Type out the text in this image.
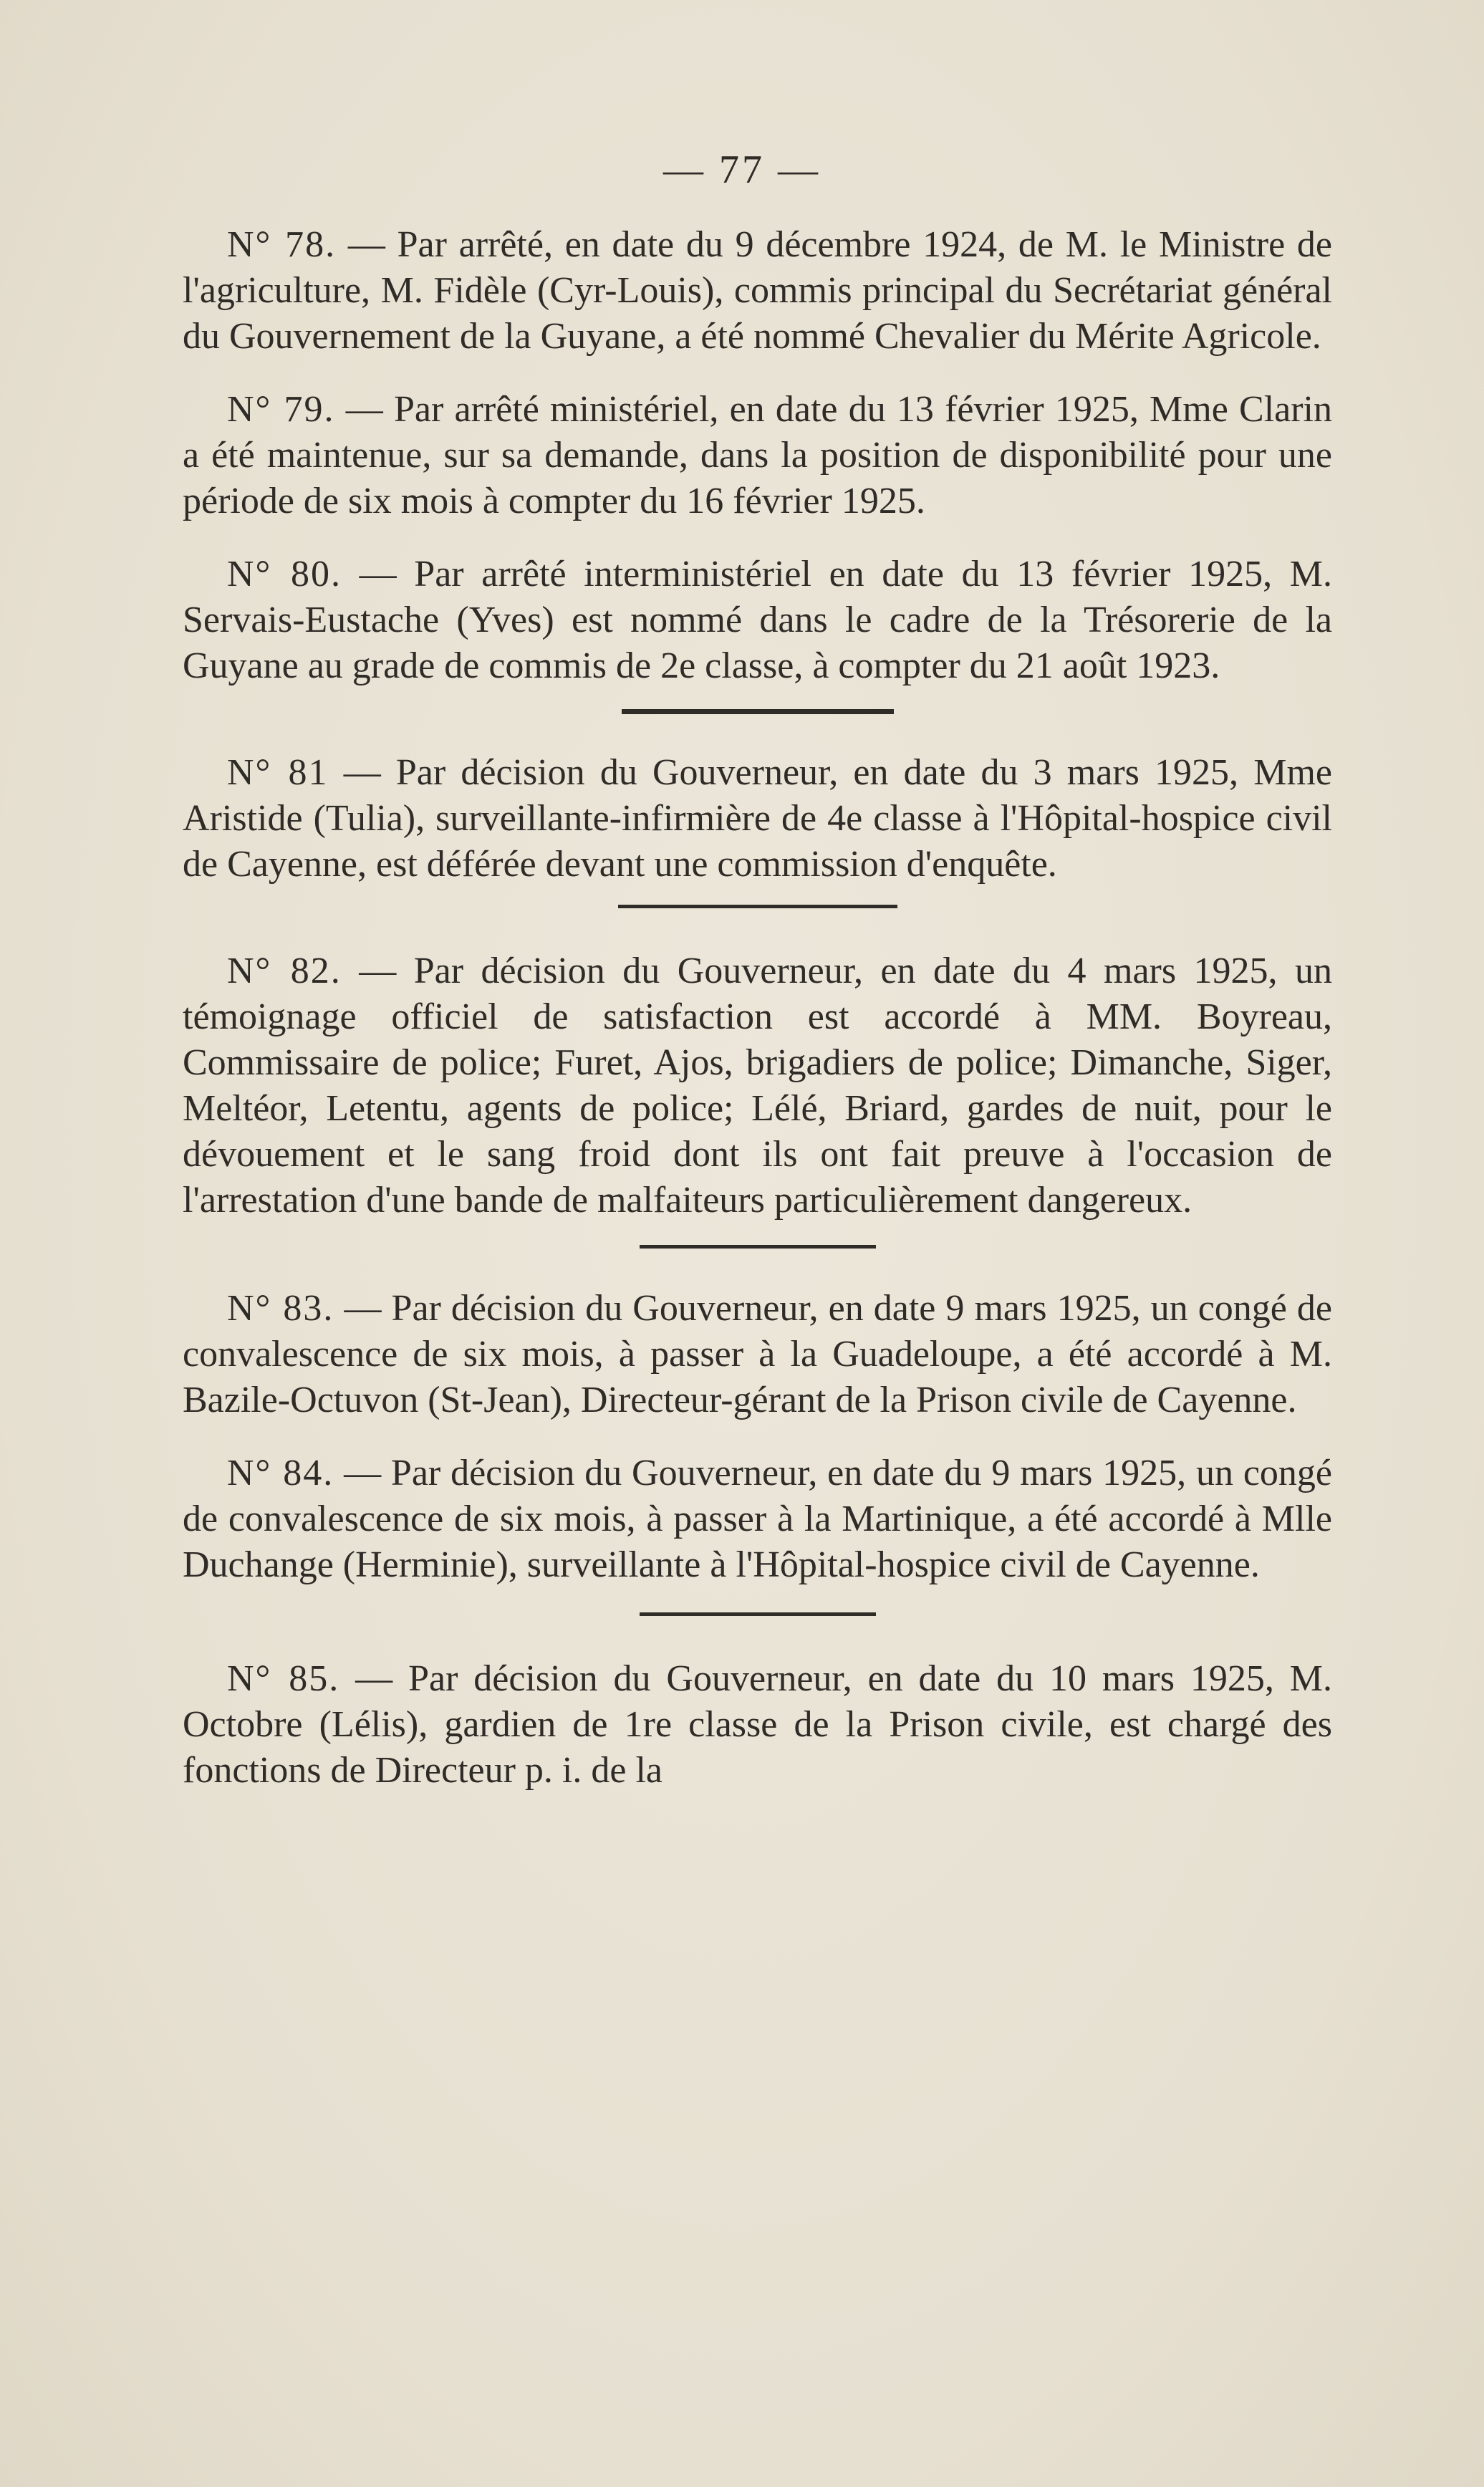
— 77 —

N° 78. — Par arrêté, en date du 9 décembre 1924, de M. le Ministre de l'agriculture, M. Fidèle (Cyr-Louis), commis principal du Secrétariat général du Gouvernement de la Guyane, a été nommé Chevalier du Mérite Agricole.

N° 79. — Par arrêté ministériel, en date du 13 février 1925, Mme Clarin a été maintenue, sur sa demande, dans la position de disponibilité pour une période de six mois à compter du 16 février 1925.

N° 80. — Par arrêté interministériel en date du 13 février 1925, M. Servais-Eustache (Yves) est nommé dans le cadre de la Trésorerie de la Guyane au grade de commis de 2e classe, à compter du 21 août 1923.

N° 81 — Par décision du Gouverneur, en date du 3 mars 1925, Mme Aristide (Tulia), surveillante-infirmière de 4e classe à l'Hôpital-hospice civil de Cayenne, est déférée devant une commission d'enquête.

N° 82. — Par décision du Gouverneur, en date du 4 mars 1925, un témoignage officiel de satisfaction est accordé à MM. Boyreau, Commissaire de police; Furet, Ajos, brigadiers de police; Dimanche, Siger, Meltéor, Letentu, agents de police; Lélé, Briard, gardes de nuit, pour le dévouement et le sang froid dont ils ont fait preuve à l'occasion de l'arrestation d'une bande de malfaiteurs particulièrement dangereux.

N° 83. — Par décision du Gouverneur, en date 9 mars 1925, un congé de convalescence de six mois, à passer à la Guadeloupe, a été accordé à M. Bazile-Octuvon (St-Jean), Directeur-gérant de la Prison civile de Cayenne.

N° 84. — Par décision du Gouverneur, en date du 9 mars 1925, un congé de convalescence de six mois, à passer à la Martinique, a été accordé à Mlle Duchange (Herminie), surveillante à l'Hôpital-hospice civil de Cayenne.

N° 85. — Par décision du Gouverneur, en date du 10 mars 1925, M. Octobre (Lélis), gardien de 1re classe de la Prison civile, est chargé des fonctions de Directeur p. i. de la
